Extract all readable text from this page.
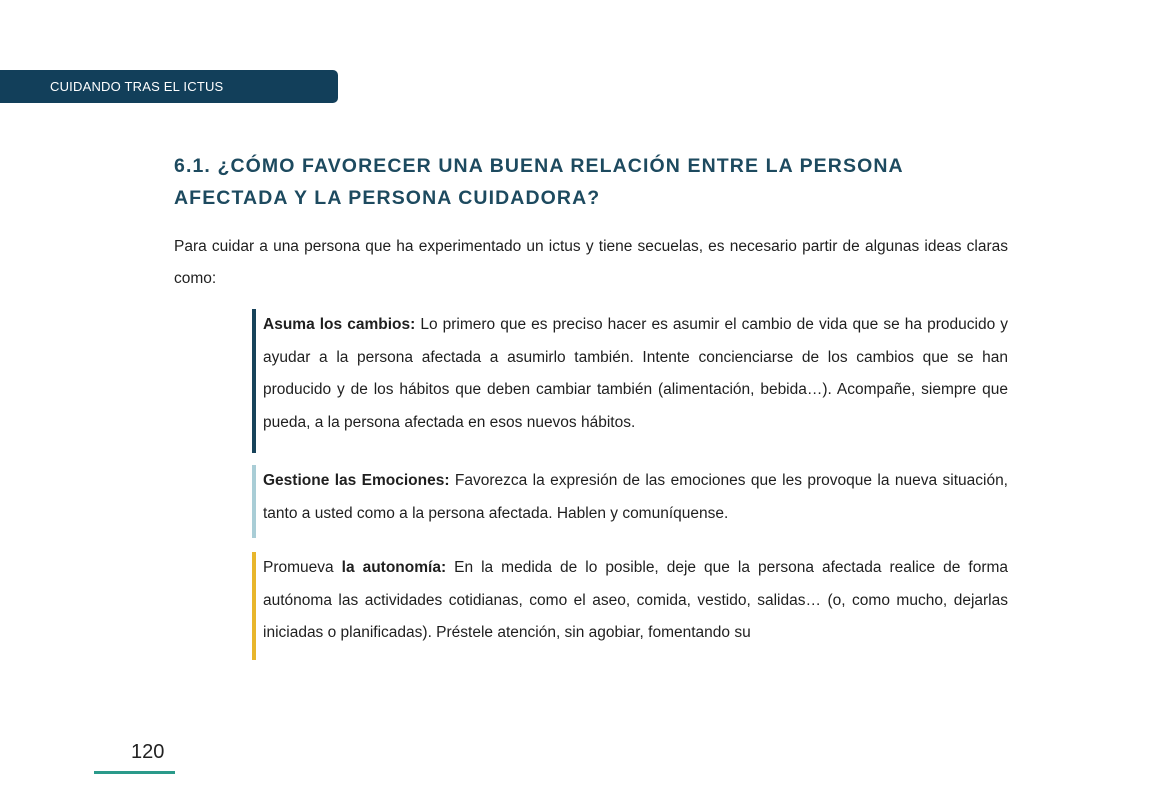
CUIDANDO TRAS EL ICTUS
6.1. ¿CÓMO FAVORECER UNA BUENA RELACIÓN ENTRE LA PERSONA AFECTADA Y LA PERSONA CUIDADORA?

Para cuidar a una persona que ha experimentado un ictus y tiene secuelas, es necesario partir de algunas ideas claras como:

Asuma los cambios: Lo primero que es preciso hacer es asumir el cambio de vida que se ha producido y ayudar a la persona afectada a asumirlo también. Intente concienciarse de los cambios que se han producido y de los hábitos que deben cambiar también (alimentación, bebida…). Acompañe, siempre que pueda, a la persona afectada en esos nuevos hábitos.

Gestione las Emociones: Favorezca la expresión de las emociones que les provoque la nueva situación, tanto a usted como a la persona afectada. Hablen y comuníquense.

Promueva la autonomía: En la medida de lo posible, deje que la persona afectada realice de forma autónoma las actividades cotidianas, como el aseo, comida, vestido, salidas… (o, como mucho, dejarlas iniciadas o planificadas). Préstele atención, sin agobiar, fomentando su

120
